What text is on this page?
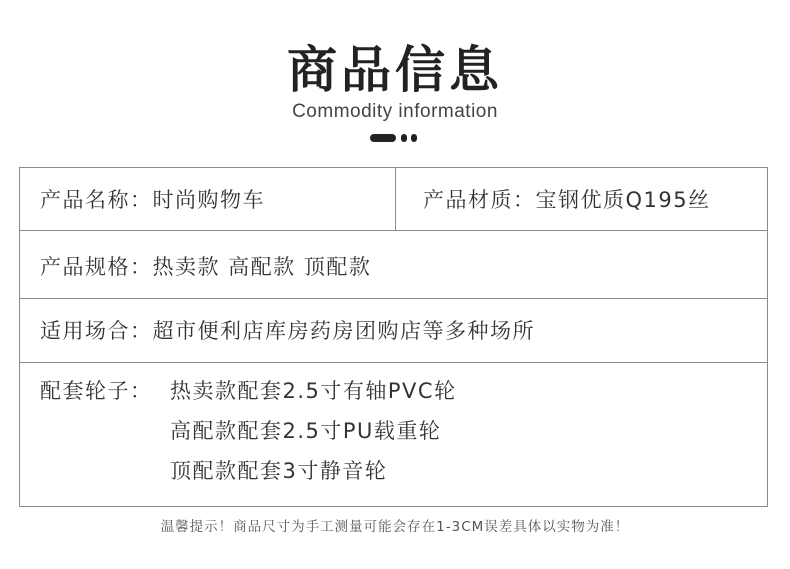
商品信息
Commodity information
产品名称：时尚购物车	产品材质：宝钢优质Q195丝
产品规格：热卖款 高配款 顶配款
适用场合：超市便利店库房药房团购店等多种场所
配套轮子： 热卖款配套2.5寸有轴PVC轮
高配款配套2.5寸PU载重轮
顶配款配套3寸静音轮
温馨提示！商品尺寸为手工测量可能会存在1-3CM误差具体以实物为准！
